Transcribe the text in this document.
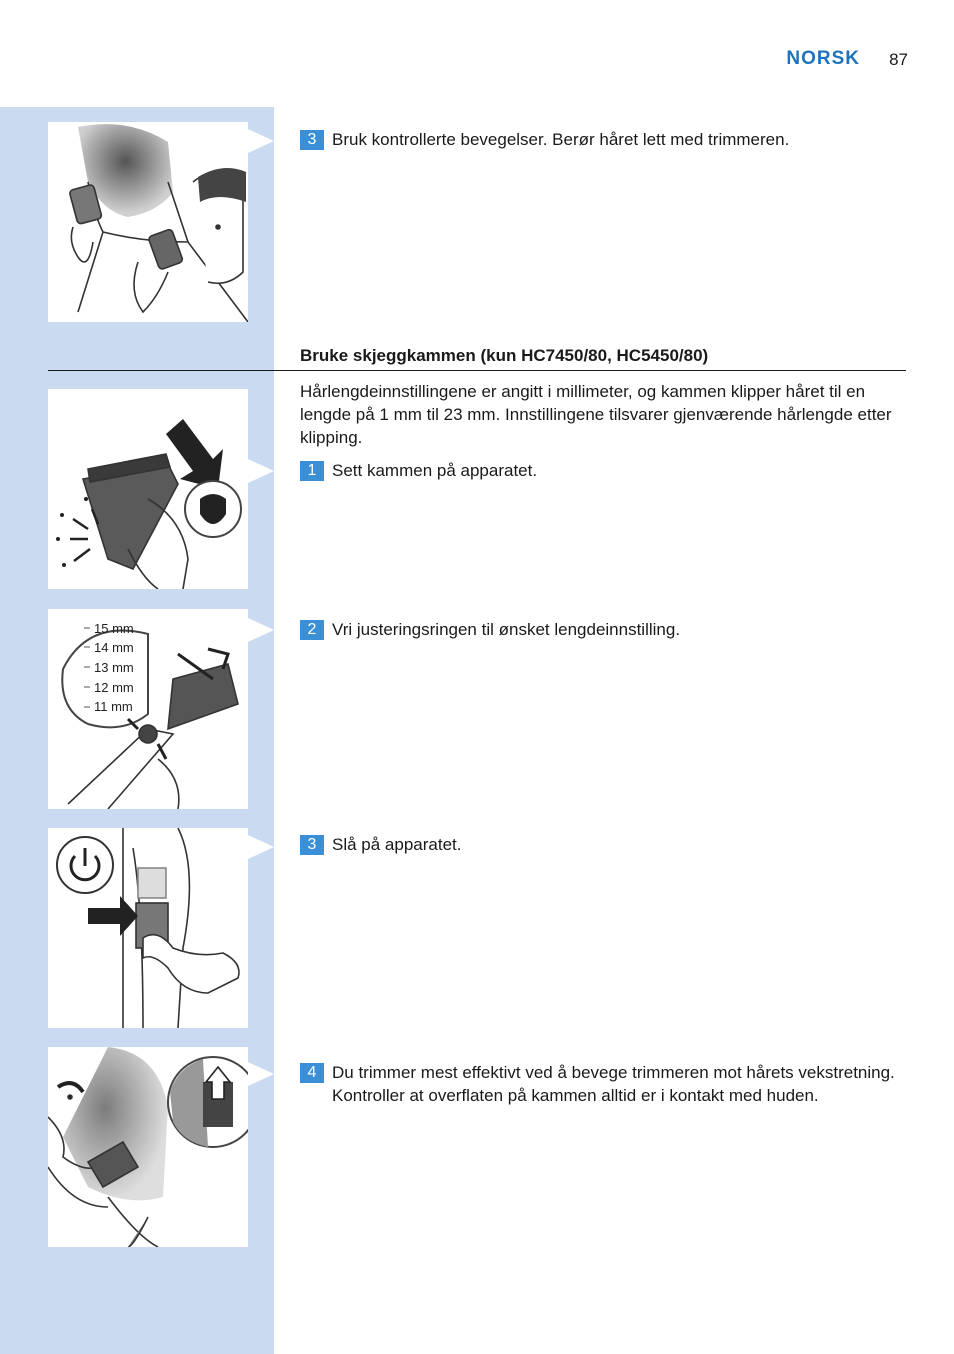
NORSK	87
3 Bruk kontrollerte bevegelser. Berør håret lett med trimmeren.
Bruke skjeggkammen (kun HC7450/80, HC5450/80)
Hårlengdeinnstillingene er angitt i millimeter, og kammen klipper håret til en lengde på 1 mm til 23 mm. Innstillingene tilsvarer gjenværende hårlengde etter klipping.
1 Sett kammen på apparatet.
15 mm
14 mm
13 mm
12 mm
11 mm
2 Vri justeringsringen til ønsket lengdeinnstilling.
3 Slå på apparatet.
4 Du trimmer mest effektivt ved å bevege trimmeren mot hårets vekstretning. Kontroller at overflaten på kammen alltid er i kontakt med huden.
